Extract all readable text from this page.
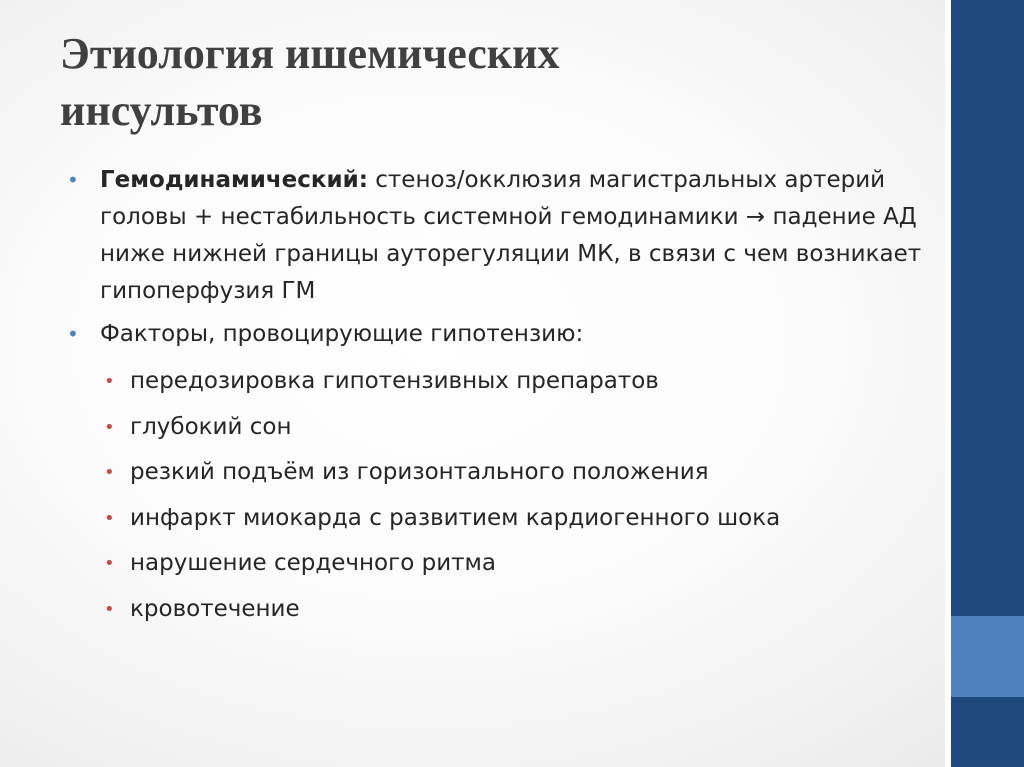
Этиология ишемических
инсультов
• Гемодинамический: стеноз/окклюзия магистральных артерий головы + нестабильность системной гемодинамики → падение АД ниже нижней границы ауторегуляции МК, в связи с чем возникает гипоперфузия ГМ
• Факторы, провоцирующие гипотензию:
• передозировка гипотензивных препаратов
• глубокий сон
• резкий подъём из горизонтального положения
• инфаркт миокарда с развитием кардиогенного шока
• нарушение сердечного ритма
• кровотечение
